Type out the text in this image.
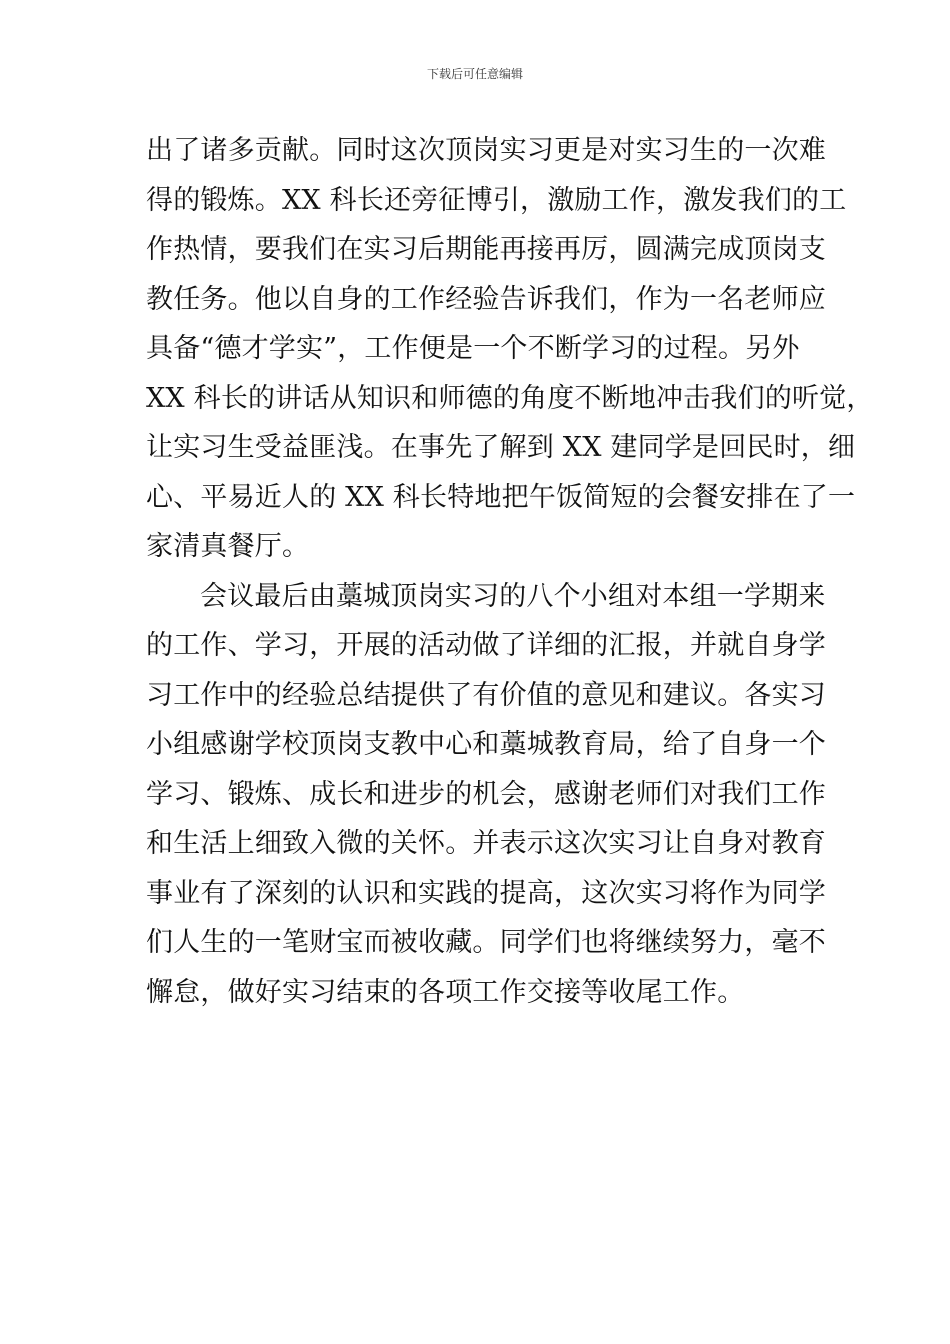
下载后可任意编辑
出了诸多贡献。同时这次顶岗实习更是对实习生的一次难
得的锻炼。XX 科长还旁征博引，激励工作，激发我们的工
作热情，要我们在实习后期能再接再厉，圆满完成顶岗支
教任务。他以自身的工作经验告诉我们，作为一名老师应
具备“德才学实”，工作便是一个不断学习的过程。另外
XX 科长的讲话从知识和师德的角度不断地冲击我们的听觉，
让实习生受益匪浅。在事先了解到 XX 建同学是回民时，细
心、平易近人的 XX 科长特地把午饭简短的会餐安排在了一
家清真餐厅。
会议最后由藁城顶岗实习的八个小组对本组一学期来
的工作、学习，开展的活动做了详细的汇报，并就自身学
习工作中的经验总结提供了有价值的意见和建议。各实习
小组感谢学校顶岗支教中心和藁城教育局，给了自身一个
学习、锻炼、成长和进步的机会，感谢老师们对我们工作
和生活上细致入微的关怀。并表示这次实习让自身对教育
事业有了深刻的认识和实践的提高，这次实习将作为同学
们人生的一笔财宝而被收藏。同学们也将继续努力，毫不
懈怠，做好实习结束的各项工作交接等收尾工作。
